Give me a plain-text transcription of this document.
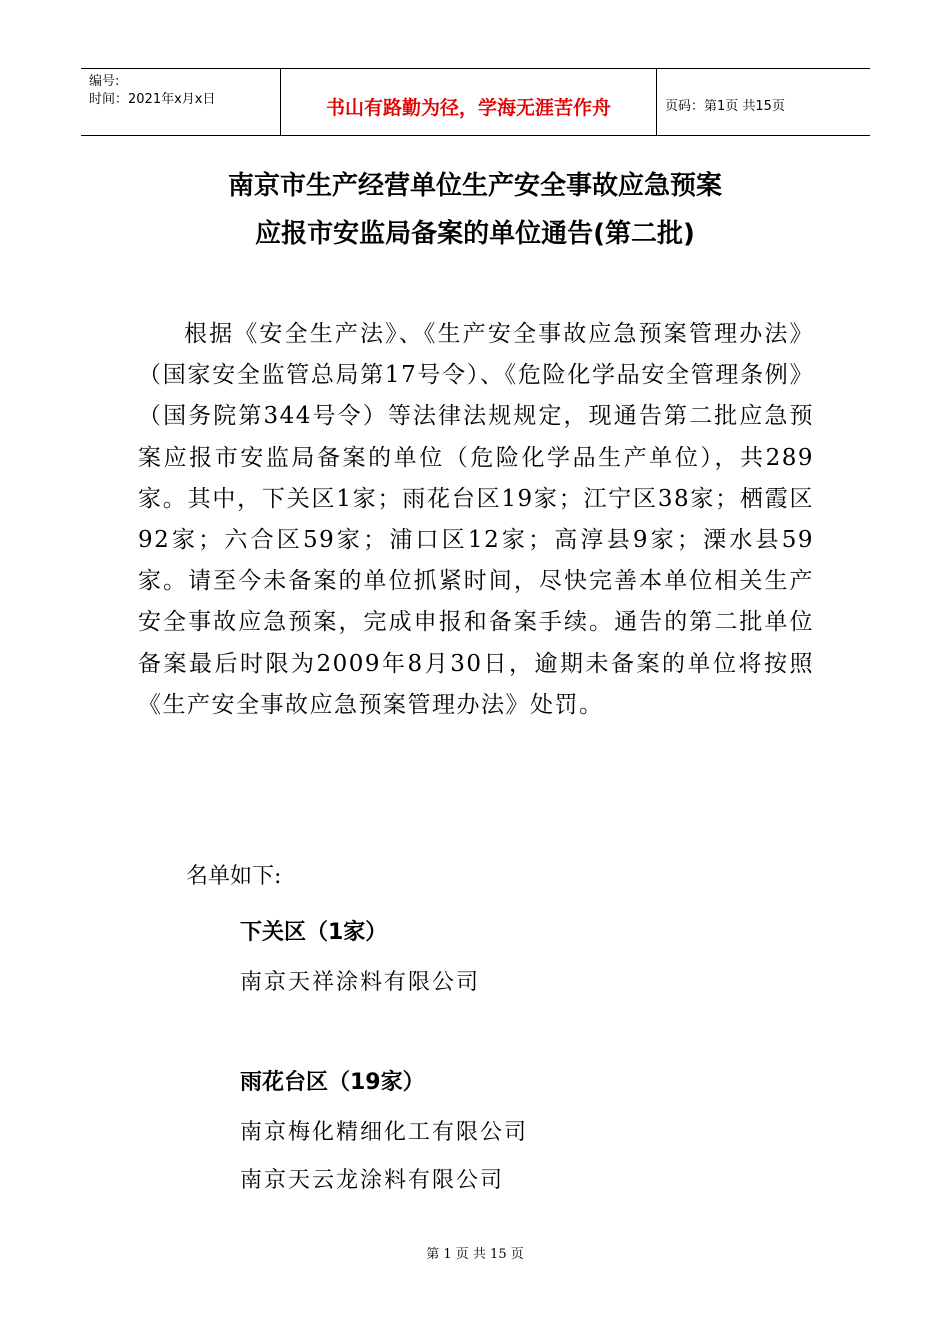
编号:
时间：2021年x月x日	书山有路勤为径，学海无涯苦作舟	页码：第1页 共15页
南京市生产经营单位生产安全事故应急预案
应报市安监局备案的单位通告(第二批)

根据《安全生产法》、《生产安全事故应急预案管理办法》（国家安全监管总局第17号令）、《危险化学品安全管理条例》（国务院第344号令）等法律法规规定，现通告第二批应急预案应报市安监局备案的单位（危险化学品生产单位），共289家。其中，下关区1家；雨花台区19家；江宁区38家；栖霞区92家；六合区59家；浦口区12家；高淳县9家；溧水县59家。请至今未备案的单位抓紧时间，尽快完善本单位相关生产安全事故应急预案，完成申报和备案手续。通告的第二批单位备案最后时限为2009年8月30日，逾期未备案的单位将按照《生产安全事故应急预案管理办法》处罚。

名单如下:

下关区（1家）

南京天祥涂料有限公司

雨花台区（19家）

南京梅化精细化工有限公司

南京天云龙涂料有限公司

第 1 页 共 15 页
